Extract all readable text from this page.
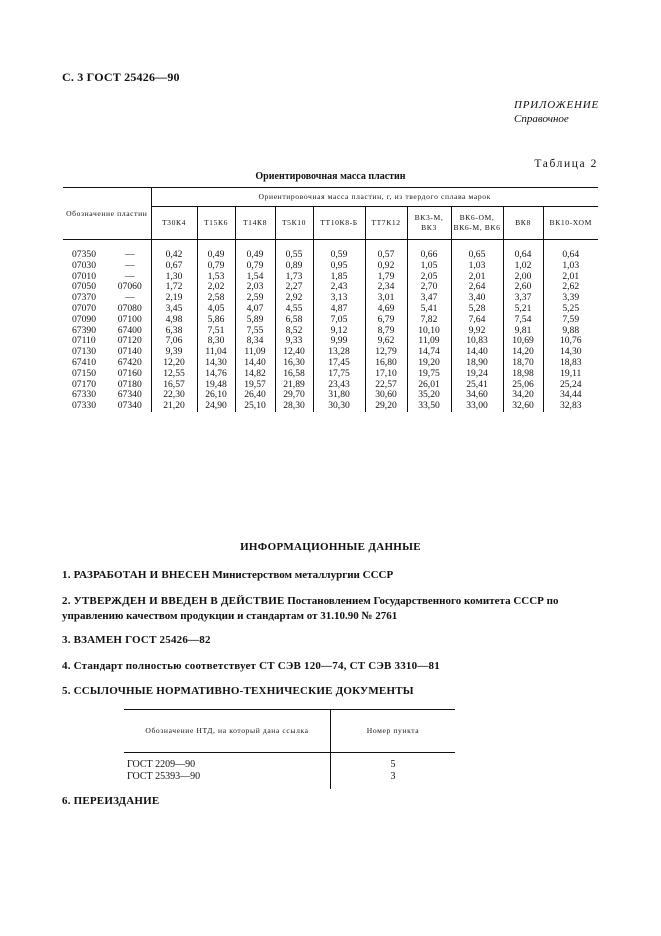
С. 3 ГОСТ 25426—90
ПРИЛОЖЕНИЕ
Справочное
Таблица 2
Ориентировочная масса пластин
Обозначение пластин		Ориентировочная масса пластин, г, из твердого сплава марок									
		Т30К4	Т15К6	Т14К8	Т5К10	ТТ10К8-Б	ТТ7К12	ВК3-М, ВК3	ВК6-ОМ, ВК6-М, ВК6	ВК8	ВК10-ХОМ
07350	—	0,42	0,49	0,49	0,55	0,59	0,57	0,66	0,65	0,64	0,64
07030	—	0,67	0,79	0,79	0,89	0,95	0,92	1,05	1,03	1,02	1,03
07010	—	1,30	1,53	1,54	1,73	1,85	1,79	2,05	2,01	2,00	2,01
07050	07060	1,72	2,02	2,03	2,27	2,43	2,34	2,70	2,64	2,60	2,62
07370	—	2,19	2,58	2,59	2,92	3,13	3,01	3,47	3,40	3,37	3,39
07070	07080	3,45	4,05	4,07	4,55	4,87	4,69	5,41	5,28	5,21	5,25
07090	07100	4,98	5,86	5,89	6,58	7,05	6,79	7,82	7,64	7,54	7,59
67390	67400	6,38	7,51	7,55	8,52	9,12	8,79	10,10	9,92	9,81	9,88
07110	07120	7,06	8,30	8,34	9,33	9,99	9,62	11,09	10,83	10,69	10,76
07130	07140	9,39	11,04	11,09	12,40	13,28	12,79	14,74	14,40	14,20	14,30
67410	67420	12,20	14,30	14,40	16,30	17,45	16,80	19,20	18,90	18,70	18,83
07150	07160	12,55	14,76	14,82	16,58	17,75	17,10	19,75	19,24	18,98	19,11
07170	07180	16,57	19,48	19,57	21,89	23,43	22,57	26,01	25,41	25,06	25,24
67330	67340	22,30	26,10	26,40	29,70	31,80	30,60	35,20	34,60	34,20	34,44
07330	07340	21,20	24,90	25,10	28,30	30,30	29,20	33,50	33,00	32,60	32,83
ИНФОРМАЦИОННЫЕ ДАННЫЕ
1. РАЗРАБОТАН И ВНЕСЕН Министерством металлургии СССР
2. УТВЕРЖДЕН И ВВЕДЕН В ДЕЙСТВИЕ Постановлением Государственного комитета СССР по управлению качеством продукции и стандартам от 31.10.90 № 2761
3. ВЗАМЕН ГОСТ 25426—82
4. Стандарт полностью соответствует СТ СЭВ 120—74, СТ СЭВ 3310—81
5. ССЫЛОЧНЫЕ НОРМАТИВНО-ТЕХНИЧЕСКИЕ ДОКУМЕНТЫ
Обозначение НТД, на который дана ссылка	Номер пункта
ГОСТ 2209—90	5
ГОСТ 25393—90	3

6. ПЕРЕИЗДАНИЕ
